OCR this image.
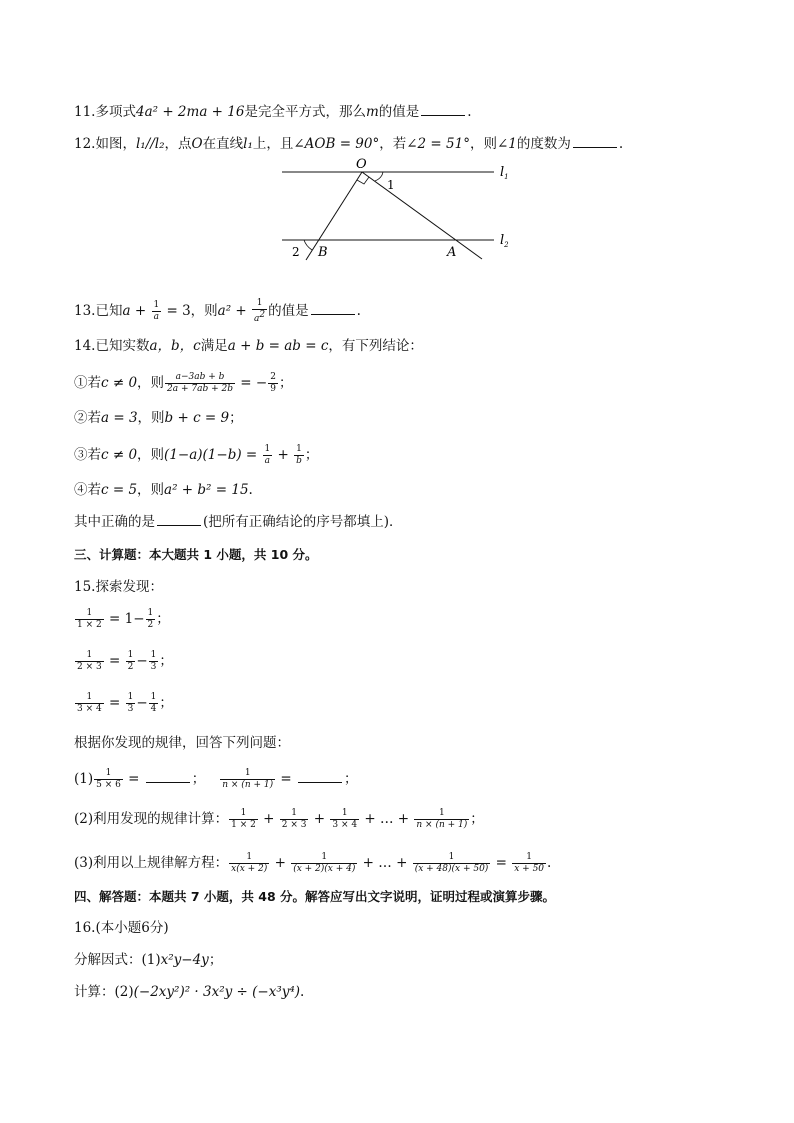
11.多项式4a² + 2ma + 16是完全平方式，那么m的值是	.
12.如图，l₁//l₂，点O在直线l₁上，且∠AOB = 90°，若∠2 = 51°，则∠1的度数为	.
O
1
$l_1$
2 B	A
$l_2$
13.已知$a + \frac{1}{a} = 3$，则$a^2 + \frac{1}{a^2}$ 的值是	.
14.已知实数a，b，c满足a + b = ab = c，有下列结论：
①若c ≠ 0，则 $\frac{a-3ab + b}{2a + 7ab + 2b}$ = − $\frac{2}{9}$ ；
②若a = 3，则b + c = 9；
③若c ≠ 0，则$(1-a)(1-b) = \frac{1}{a} + \frac{1}{b}$ ；
④若c = 5，则a² + b² = 15.
其中正确的是	(把所有正确结论的序号都填上)．
三、计算题：本大题共 1 小题，共 10 分。
15.探索发现：
$\frac{1}{1 \times 2} = 1- \frac{1}{2}$ ；
$\frac{1}{2 \times 3} = \frac{1}{2} - \frac{1}{3}$ ；
$\frac{1}{3 \times 4} = \frac{1}{3} - \frac{1}{4}$ ；
根据你发现的规律，回答下列问题：
$(1) \frac{1}{5 \times 6}$ =	； $\frac{1}{n \times (n + 1)}$ =	；
(2)利用发现的规律计算： $\frac{1}{1 \times 2} + \frac{1}{2 \times 3} + \frac{1}{3 \times 4}$ + … + $\frac{1}{n \times (n + 1)}$ ；
(3)利用以上规律解方程： $\frac{1}{x(x + 2)} + \frac{1}{(x + 2)(x + 4)}$ + … + $\frac{1}{(x + 48)(x + 50)} = \frac{1}{x + 50}$ .
四、解答题：本题共 7 小题，共 48 分。解答应写出文字说明，证明过程或演算步骤。
16.(本小题6分)
分解因式：(1)x²y−4y；
计算：(2)(−2xy²)² · 3x²y ÷ (−x³y⁴).
